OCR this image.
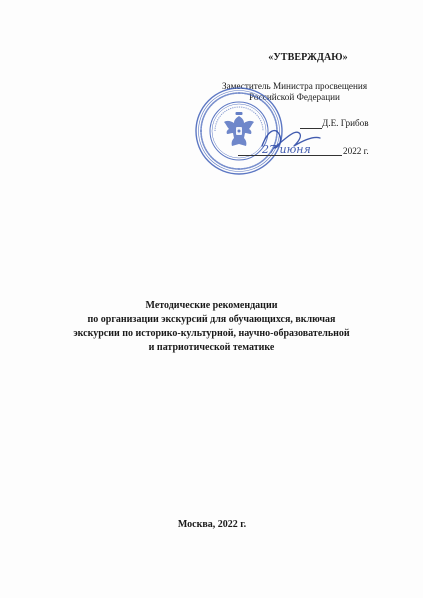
«УТВЕРЖДАЮ»
Заместитель Министра просвещения
Российской Федерации
Д.Е. Грибов
27 июня	2022 г.
Методические рекомендации
по организации экскурсий для обучающихся, включая
экскурсии по историко-культурной, научно-образовательной
и патриотической тематике
Москва, 2022 г.
